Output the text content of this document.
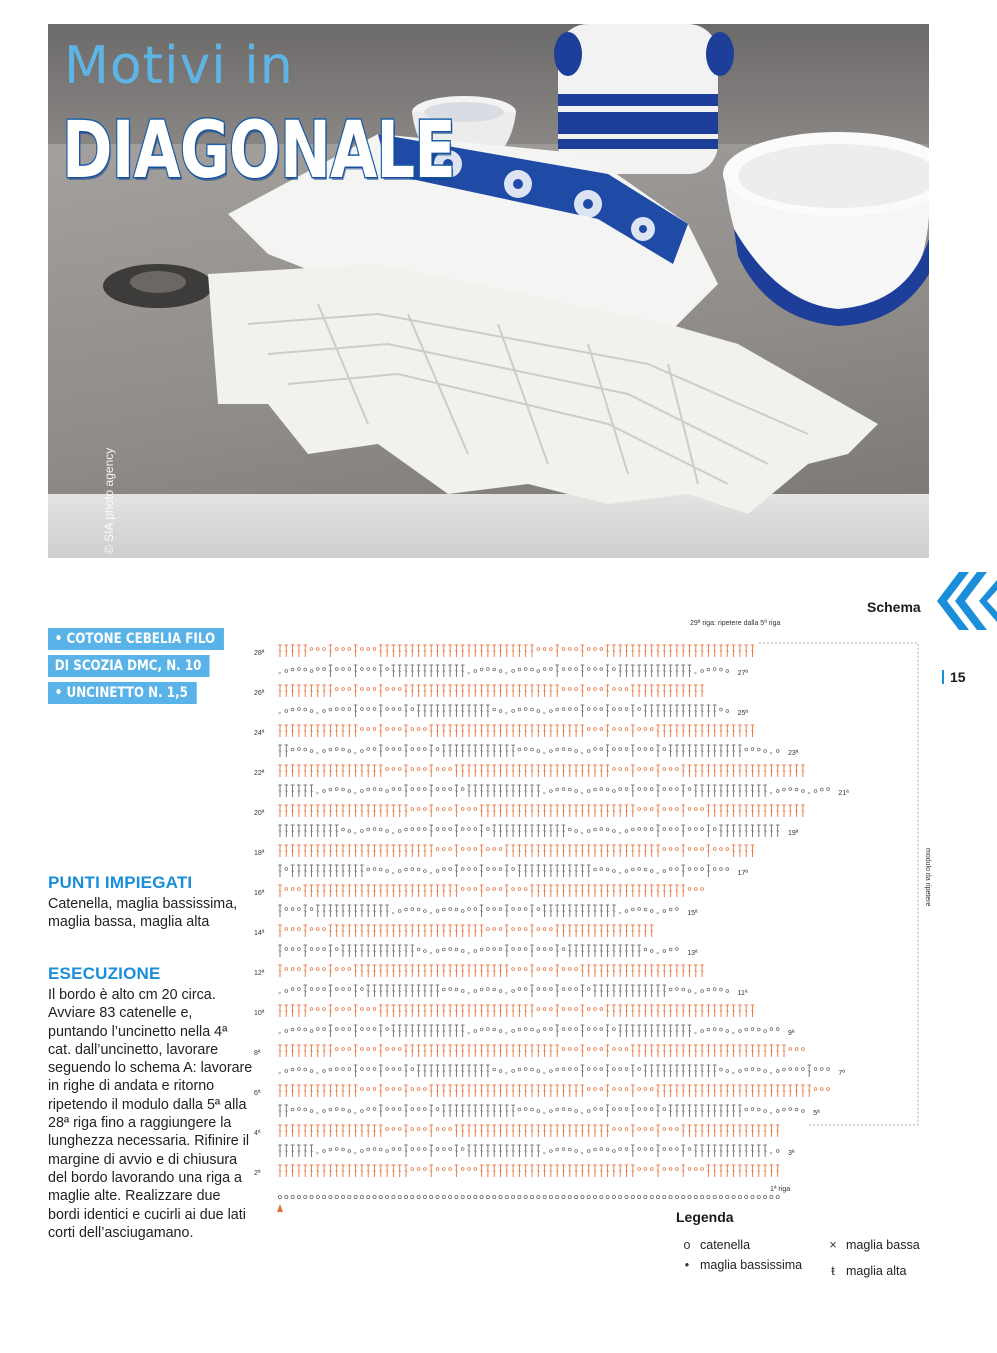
© SIA photo agency
Motivi in
DIAGONALE
Schema
15
• COTONE CEBELIA FILO
DI SCOZIA DMC, N. 10
• UNCINETTO N. 1,5
PUNTI IMPIEGATI

Catenella, maglia bassissima, maglia bassa, maglia alta

ESECUZIONE

Il bordo è alto cm 20 circa. Avviare 83 catenelle e, puntando l’uncinetto nella 4ª cat. dall’uncinetto, lavorare seguendo lo schema A: lavorare in righe di andata e ritorno ripetendo il modulo dalla 5ª alla 28ª riga fino a raggiungere la lunghezza necessaria. Rifinire il margine di avvio e di chiusura del bordo lavorando una riga a maglie alte. Realizzare due bordi identici e cucirli ai due lati corti dell’asciugamano.

29ª riga: ripetere dalla 5ª riga
modulo da ripetere
×	×	×	×	×
×	×	×	×	×
×	×	×	×	×	×
×	×	×	×	×
×	×	×	×
×	×	×
×	×	×	×
×	×	×	×
×	×	×	×
×	×	×	×	×	×
×	×	×	×	×
×	×	×	×
×	×	×	×
28ª
26ª
24ª
22ª
20ª
18ª
16ª
14ª
12ª
10ª
8ª
6ª
4ª
2ª
27ª
25ª
23ª
21ª
19ª
17ª
15ª
13ª
11ª
9ª
7ª
5ª
3ª
1ª riga
Legenda
o catenella
• maglia bassissima
× maglia bassa
ŧ maglia alta
